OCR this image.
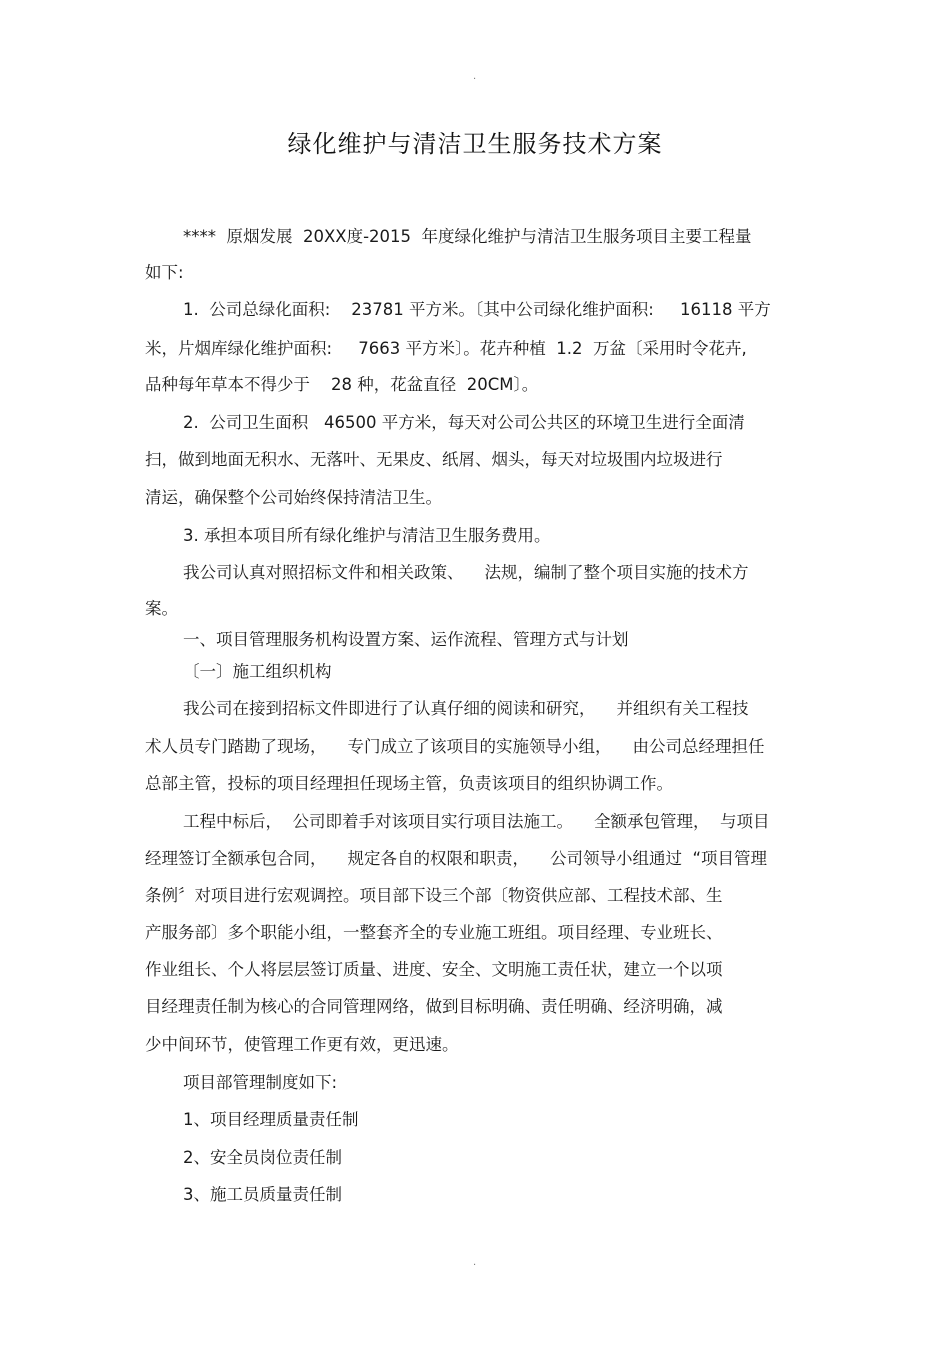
.
绿化维护与清洁卫生服务技术方案
****  原烟发展  20XX度-2015  年度绿化维护与清洁卫生服务项目主要工程量
如下:
1.  公司总绿化面积:    23781 平方米。〔其中公司绿化维护面积:     16118 平方
米，片烟库绿化维护面积:     7663 平方米〕。花卉种植  1.2  万盆〔采用时令花卉,
品种每年草本不得少于    28 种，花盆直径  20CM〕。
2.  公司卫生面积   46500 平方米，每天对公司公共区的环境卫生进行全面清
扫，做到地面无积水、无落叶、无果皮、纸屑、烟头，每天对垃圾围内垃圾进行
清运，确保整个公司始终保持清洁卫生。
3. 承担本项目所有绿化维护与清洁卫生服务费用。
我公司认真对照招标文件和相关政策、    法规，编制了整个项目实施的技术方
案。
一、项目管理服务机构设置方案、运作流程、管理方式与计划
〔一〕施工组织机构
我公司在接到招标文件即进行了认真仔细的阅读和研究，    并组织有关工程技
术人员专门踏勘了现场，    专门成立了该项目的实施领导小组，    由公司总经理担任
总部主管，投标的项目经理担任现场主管，负责该项目的组织协调工作。
工程中标后，  公司即着手对该项目实行项目法施工。    全额承包管理，  与项目
经理签订全额承包合同，    规定各自的权限和职责，    公司领导小组通过  “项目管理
条例〞对项目进行宏观调控。项目部下设三个部〔物资供应部、工程技术部、生
产服务部〕多个职能小组，一整套齐全的专业施工班组。项目经理、专业班长、
作业组长、个人将层层签订质量、进度、安全、文明施工责任状，建立一个以项
目经理责任制为核心的合同管理网络，做到目标明确、责任明确、经济明确，减
少中间环节，使管理工作更有效，更迅速。
项目部管理制度如下:
1、项目经理质量责任制
2、安全员岗位责任制
3、施工员质量责任制
.
